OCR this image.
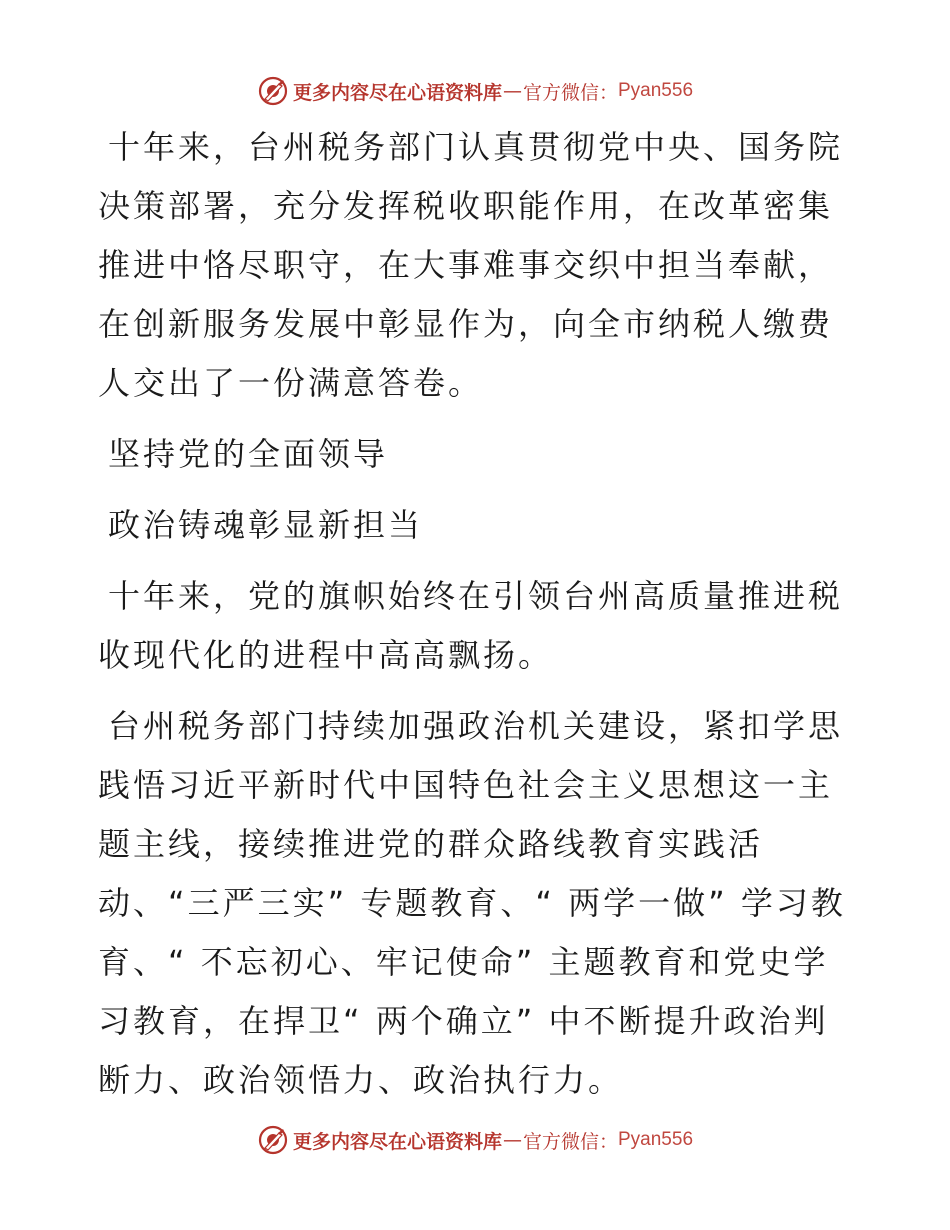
更多内容尽在心语资料库 — 官方微信： Pyan556

十年来，台州税务部门认真贯彻党中央、国务院决策部署，充分发挥税收职能作用，在改革密集推进中恪尽职守，在大事难事交织中担当奉献，在创新服务发展中彰显作为，向全市纳税人缴费人交出了一份满意答卷。

坚持党的全面领导

政治铸魂彰显新担当

十年来，党的旗帜始终在引领台州高质量推进税收现代化的进程中高高飘扬。

台州税务部门持续加强政治机关建设，紧扣学思践悟习近平新时代中国特色社会主义思想这一主题主线，接续推进党的群众路线教育实践活动、“三严三实” 专题教育、“ 两学一做” 学习教育、“ 不忘初心、牢记使命” 主题教育和党史学习教育，在捍卫“ 两个确立” 中不断提升政治判断力、政治领悟力、政治执行力。

更多内容尽在心语资料库 — 官方微信： Pyan556
